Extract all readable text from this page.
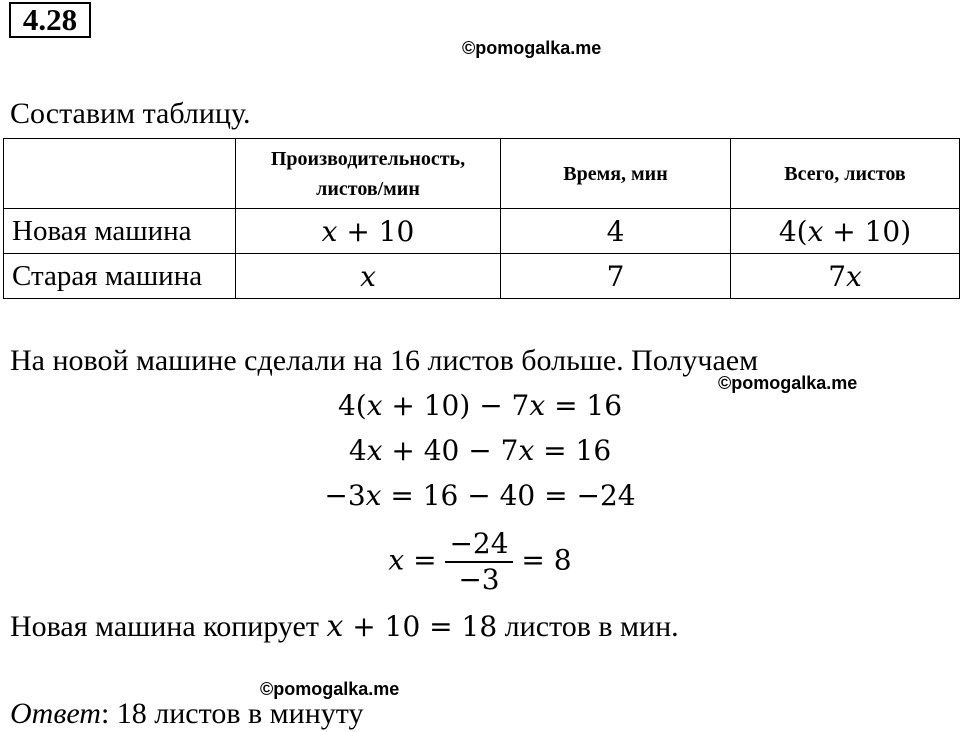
4.28
©pomogalka.me
Составим таблицу.

	Производительность,
листов/мин	Время, мин	Всего, листов
Новая машина	x + 10	4	4(x + 10)
Старая машина	x	7	7x
На новой машине сделали на 16 листов больше. Получаем
©pomogalka.me
4(x + 10) − 7x = 16
4x + 40 − 7x = 16
−3x = 16 − 40 = −24
$x = \frac{-24}{-3} = 8$
Новая машина копирует x + 10 = 18 листов в мин.
©pomogalka.me
Ответ: 18 листов в минуту
